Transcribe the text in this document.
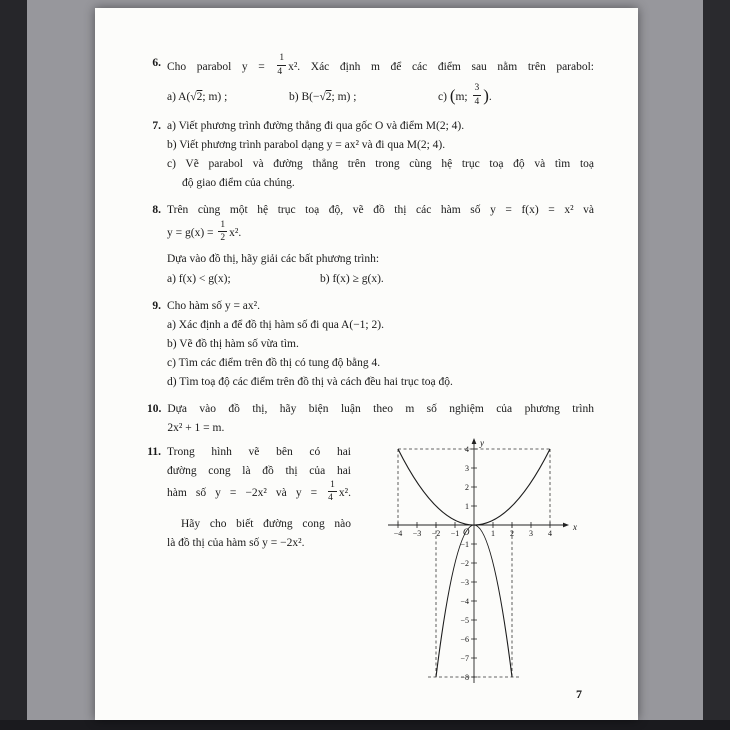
6. Cho parabol $y = \frac{1}{4} x^2$. Xác định m để các điểm sau nằm trên parabol:
a) A(√2; m) ;	b) B(−√2; m) ;	c) (m; $\frac{3}{4}$ ).
7. a) Viết phương trình đường thẳng đi qua gốc O và điểm M(2; 4).
b) Viết phương trình parabol dạng y = ax² và đi qua M(2; 4).
c) Vẽ parabol và đường thẳng trên trong cùng hệ trục toạ độ và tìm toạ
độ giao điểm của chúng.
8. Trên cùng một hệ trục toạ độ, vẽ đồ thị các hàm số y = f(x) = x² và
$y = g(x) = \frac{1}{2} x^2$.
Dựa vào đồ thị, hãy giải các bất phương trình:
a) f(x) < g(x);	b) f(x) ≥ g(x).
9. Cho hàm số y = ax².
a) Xác định a để đồ thị hàm số đi qua A(−1; 2).
b) Vẽ đồ thị hàm số vừa tìm.
c) Tìm các điểm trên đồ thị có tung độ bằng 4.
d) Tìm toạ độ các điểm trên đồ thị và cách đều hai trục toạ độ.
10. Dựa vào đồ thị, hãy biện luận theo m số nghiệm của phương trình
2x² + 1 = m.
11. Trong hình vẽ bên có hai
đường cong là đồ thị của hai
hàm số y = −2x² và $y = \frac{1}{4} x^2$.
Hãy cho biết đường cong nào
là đồ thị của hàm số y = −2x².
y
x
O
−4 −3 −2 −1	1 2 3 4
4
3
2
1
−1
−2
−3
−4
−5
−6
−7
−8
7
